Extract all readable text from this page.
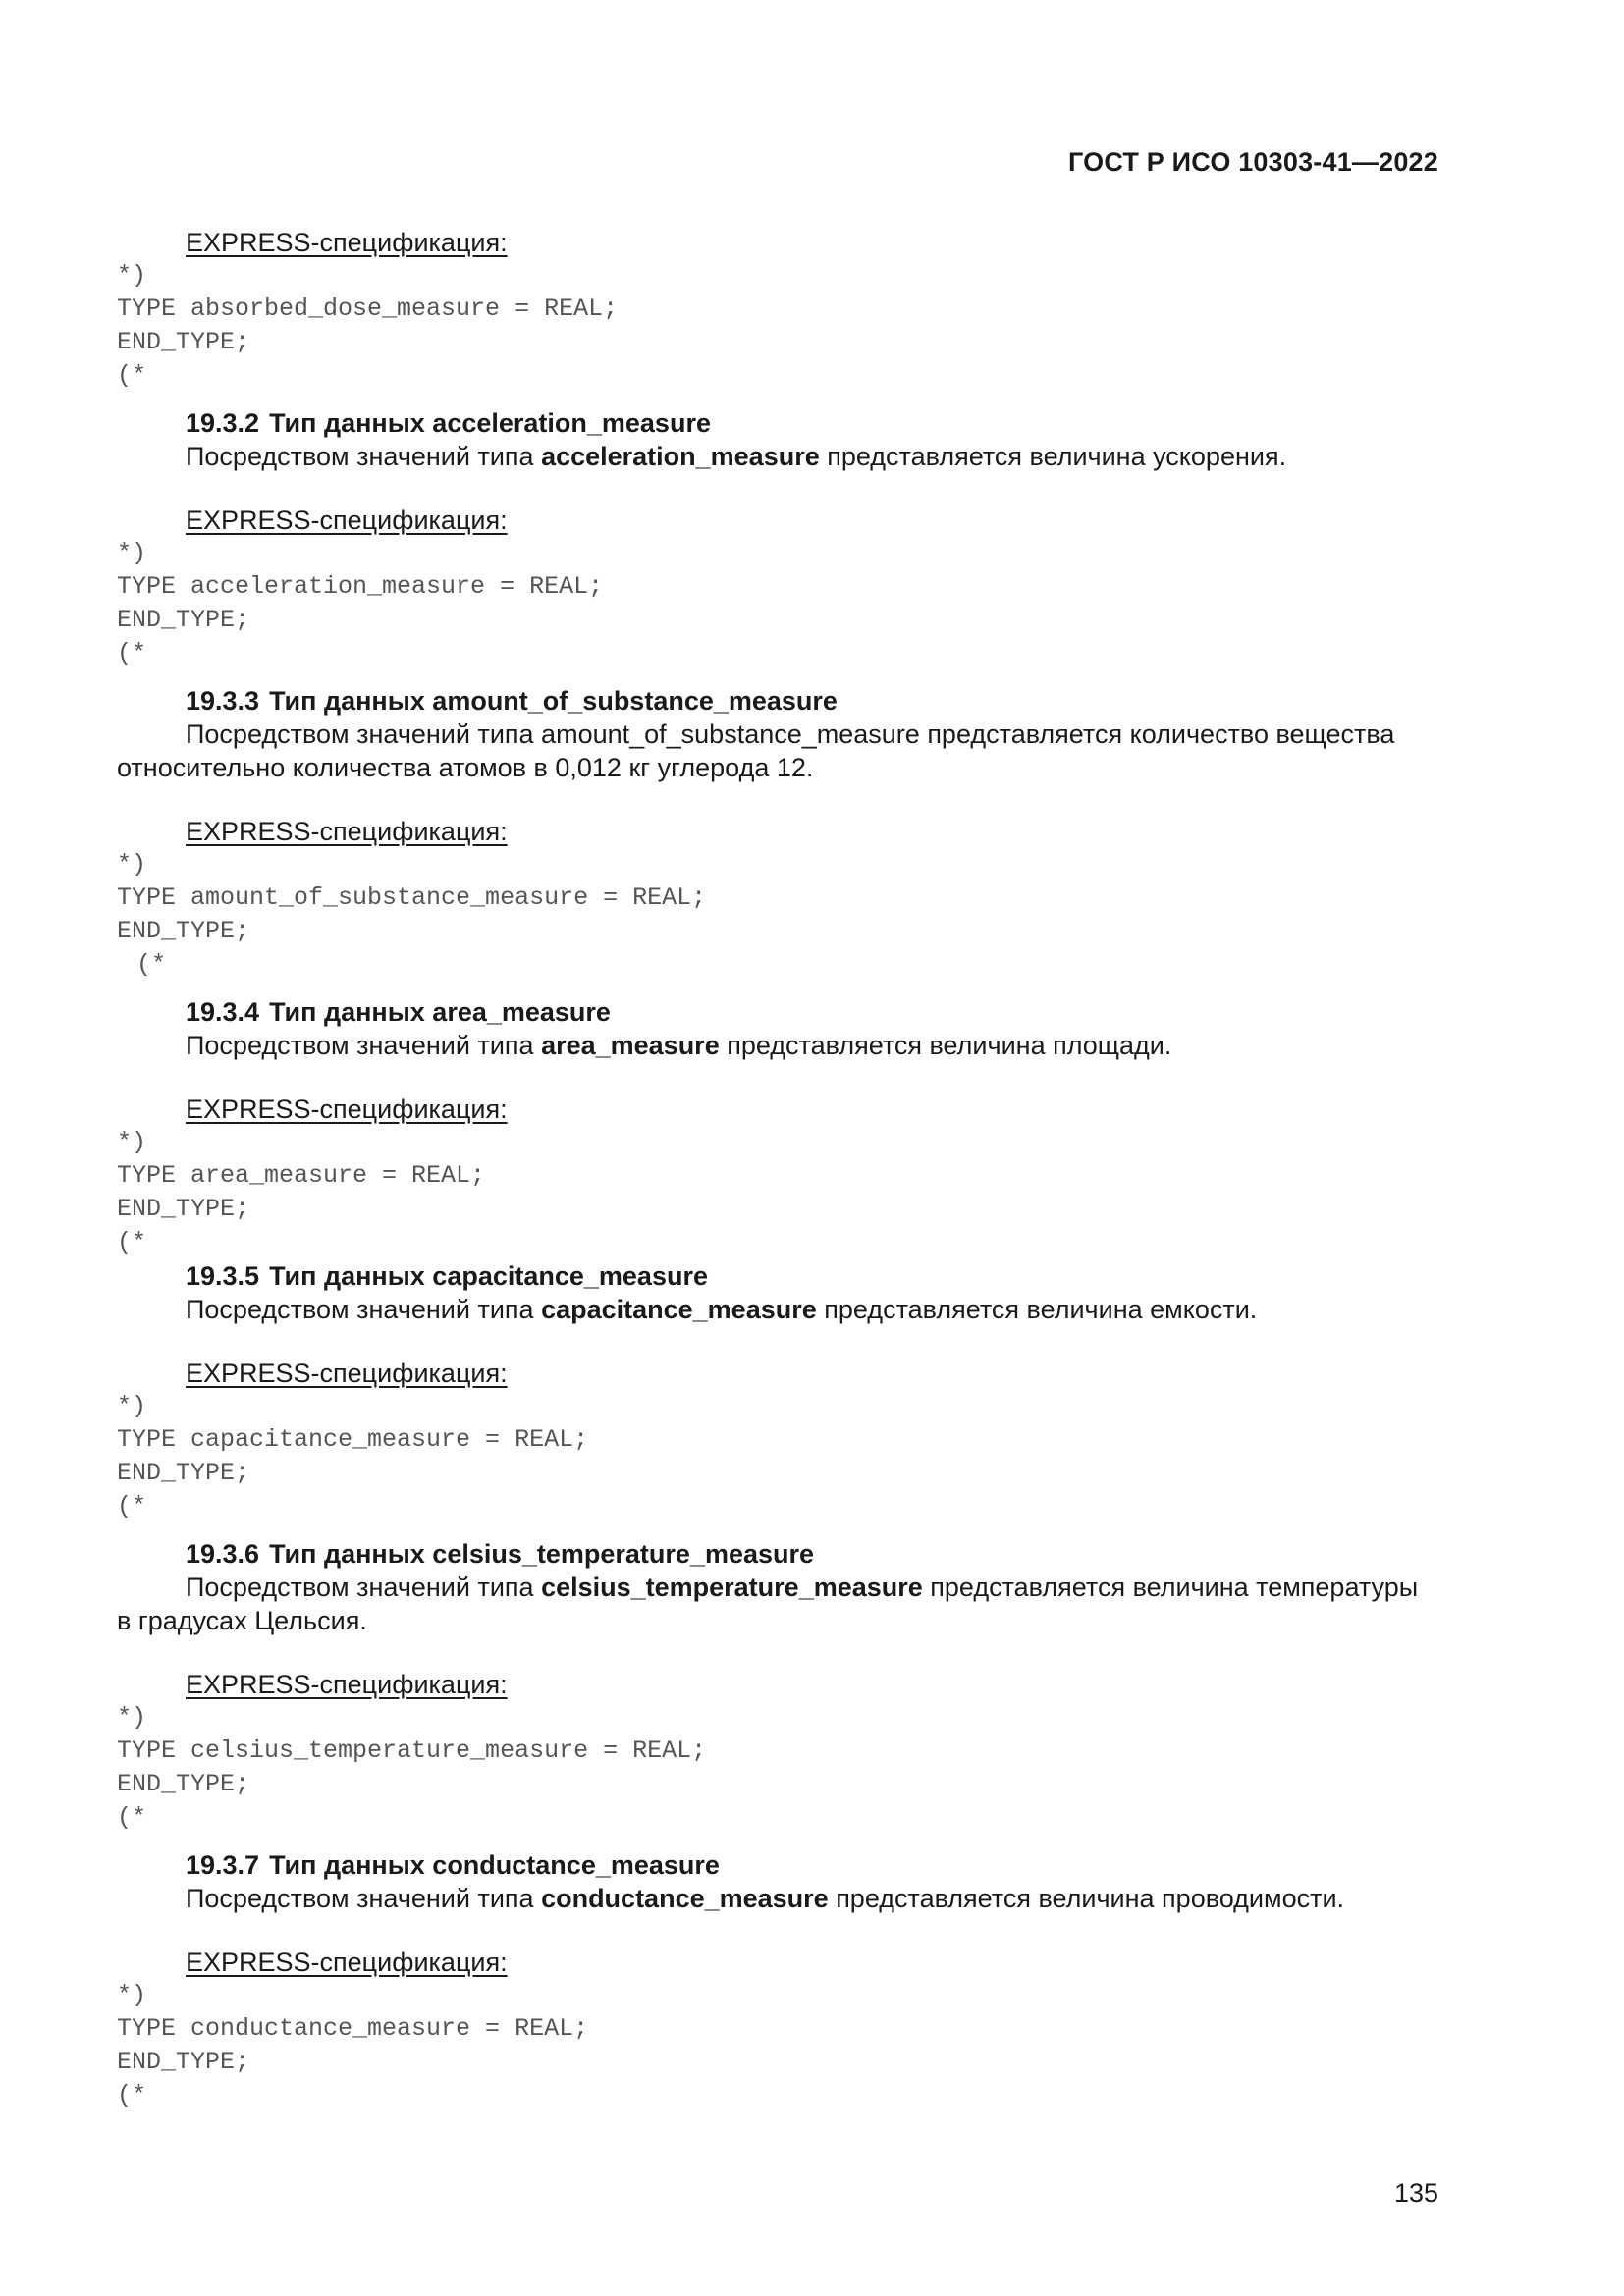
ГОСТ Р ИСО 10303-41—2022
EXPRESS-спецификация:
*)
TYPE absorbed_dose_measure = REAL;
END_TYPE;
(*
19.3.2 Тип данных acceleration_measure

Посредством значений типа acceleration_measure представляется величина ускорения.

EXPRESS-спецификация:
*)
TYPE acceleration_measure = REAL;
END_TYPE;
(*
19.3.3 Тип данных amount_of_substance_measure

Посредством значений типа amount_of_substance_measure представляется количество вещества относительно количества атомов в 0,012 кг углерода 12.

EXPRESS-спецификация:
*)
TYPE amount_of_substance_measure = REAL;
END_TYPE;
(*
19.3.4 Тип данных area_measure

Посредством значений типа area_measure представляется величина площади.

EXPRESS-спецификация:
*)
TYPE area_measure = REAL;
END_TYPE;
(*
19.3.5 Тип данных capacitance_measure

Посредством значений типа capacitance_measure представляется величина емкости.

EXPRESS-спецификация:
*)
TYPE capacitance_measure = REAL;
END_TYPE;
(*
19.3.6 Тип данных celsius_temperature_measure

Посредством значений типа celsius_temperature_measure представляется величина температуры в градусах Цельсия.

EXPRESS-спецификация:
*)
TYPE celsius_temperature_measure = REAL;
END_TYPE;
(*
19.3.7 Тип данных conductance_measure

Посредством значений типа conductance_measure представляется величина проводимости.

EXPRESS-спецификация:
*)
TYPE conductance_measure = REAL;
END_TYPE;
(*
135
